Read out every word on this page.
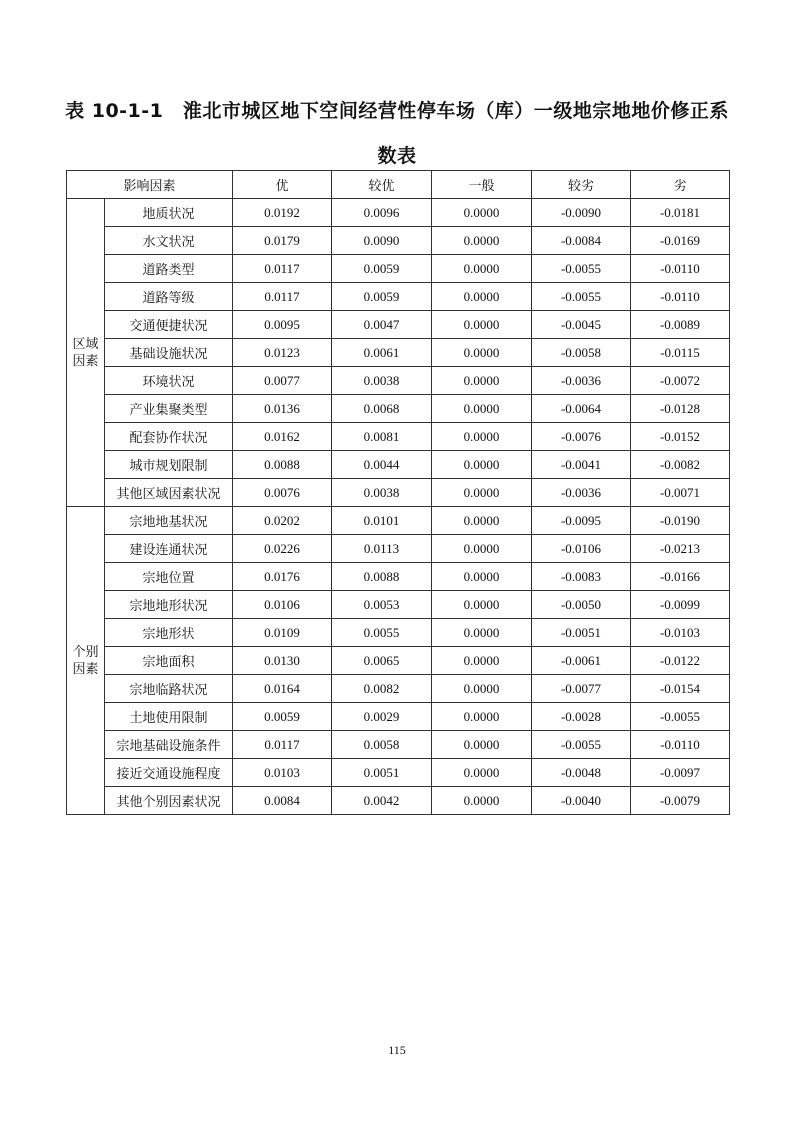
表 10-1-1　淮北市城区地下空间经营性停车场（库）一级地宗地地价修正系
数表
影响因素		优	较优	一般	较劣	劣

区域
因素	地质状况	0.0192	0.0096	0.0000	-0.0090	-0.0181
	水文状况	0.0179	0.0090	0.0000	-0.0084	-0.0169
	道路类型	0.0117	0.0059	0.0000	-0.0055	-0.0110
	道路等级	0.0117	0.0059	0.0000	-0.0055	-0.0110
	交通便捷状况	0.0095	0.0047	0.0000	-0.0045	-0.0089
	基础设施状况	0.0123	0.0061	0.0000	-0.0058	-0.0115
	环境状况	0.0077	0.0038	0.0000	-0.0036	-0.0072
	产业集聚类型	0.0136	0.0068	0.0000	-0.0064	-0.0128
	配套协作状况	0.0162	0.0081	0.0000	-0.0076	-0.0152
	城市规划限制	0.0088	0.0044	0.0000	-0.0041	-0.0082
	其他区域因素状况	0.0076	0.0038	0.0000	-0.0036	-0.0071

个别
因素	宗地地基状况	0.0202	0.0101	0.0000	-0.0095	-0.0190
	建设连通状况	0.0226	0.0113	0.0000	-0.0106	-0.0213
	宗地位置	0.0176	0.0088	0.0000	-0.0083	-0.0166
	宗地地形状况	0.0106	0.0053	0.0000	-0.0050	-0.0099
	宗地形状	0.0109	0.0055	0.0000	-0.0051	-0.0103
	宗地面积	0.0130	0.0065	0.0000	-0.0061	-0.0122
	宗地临路状况	0.0164	0.0082	0.0000	-0.0077	-0.0154
	土地使用限制	0.0059	0.0029	0.0000	-0.0028	-0.0055
	宗地基础设施条件	0.0117	0.0058	0.0000	-0.0055	-0.0110
	接近交通设施程度	0.0103	0.0051	0.0000	-0.0048	-0.0097
	其他个别因素状况	0.0084	0.0042	0.0000	-0.0040	-0.0079
115
